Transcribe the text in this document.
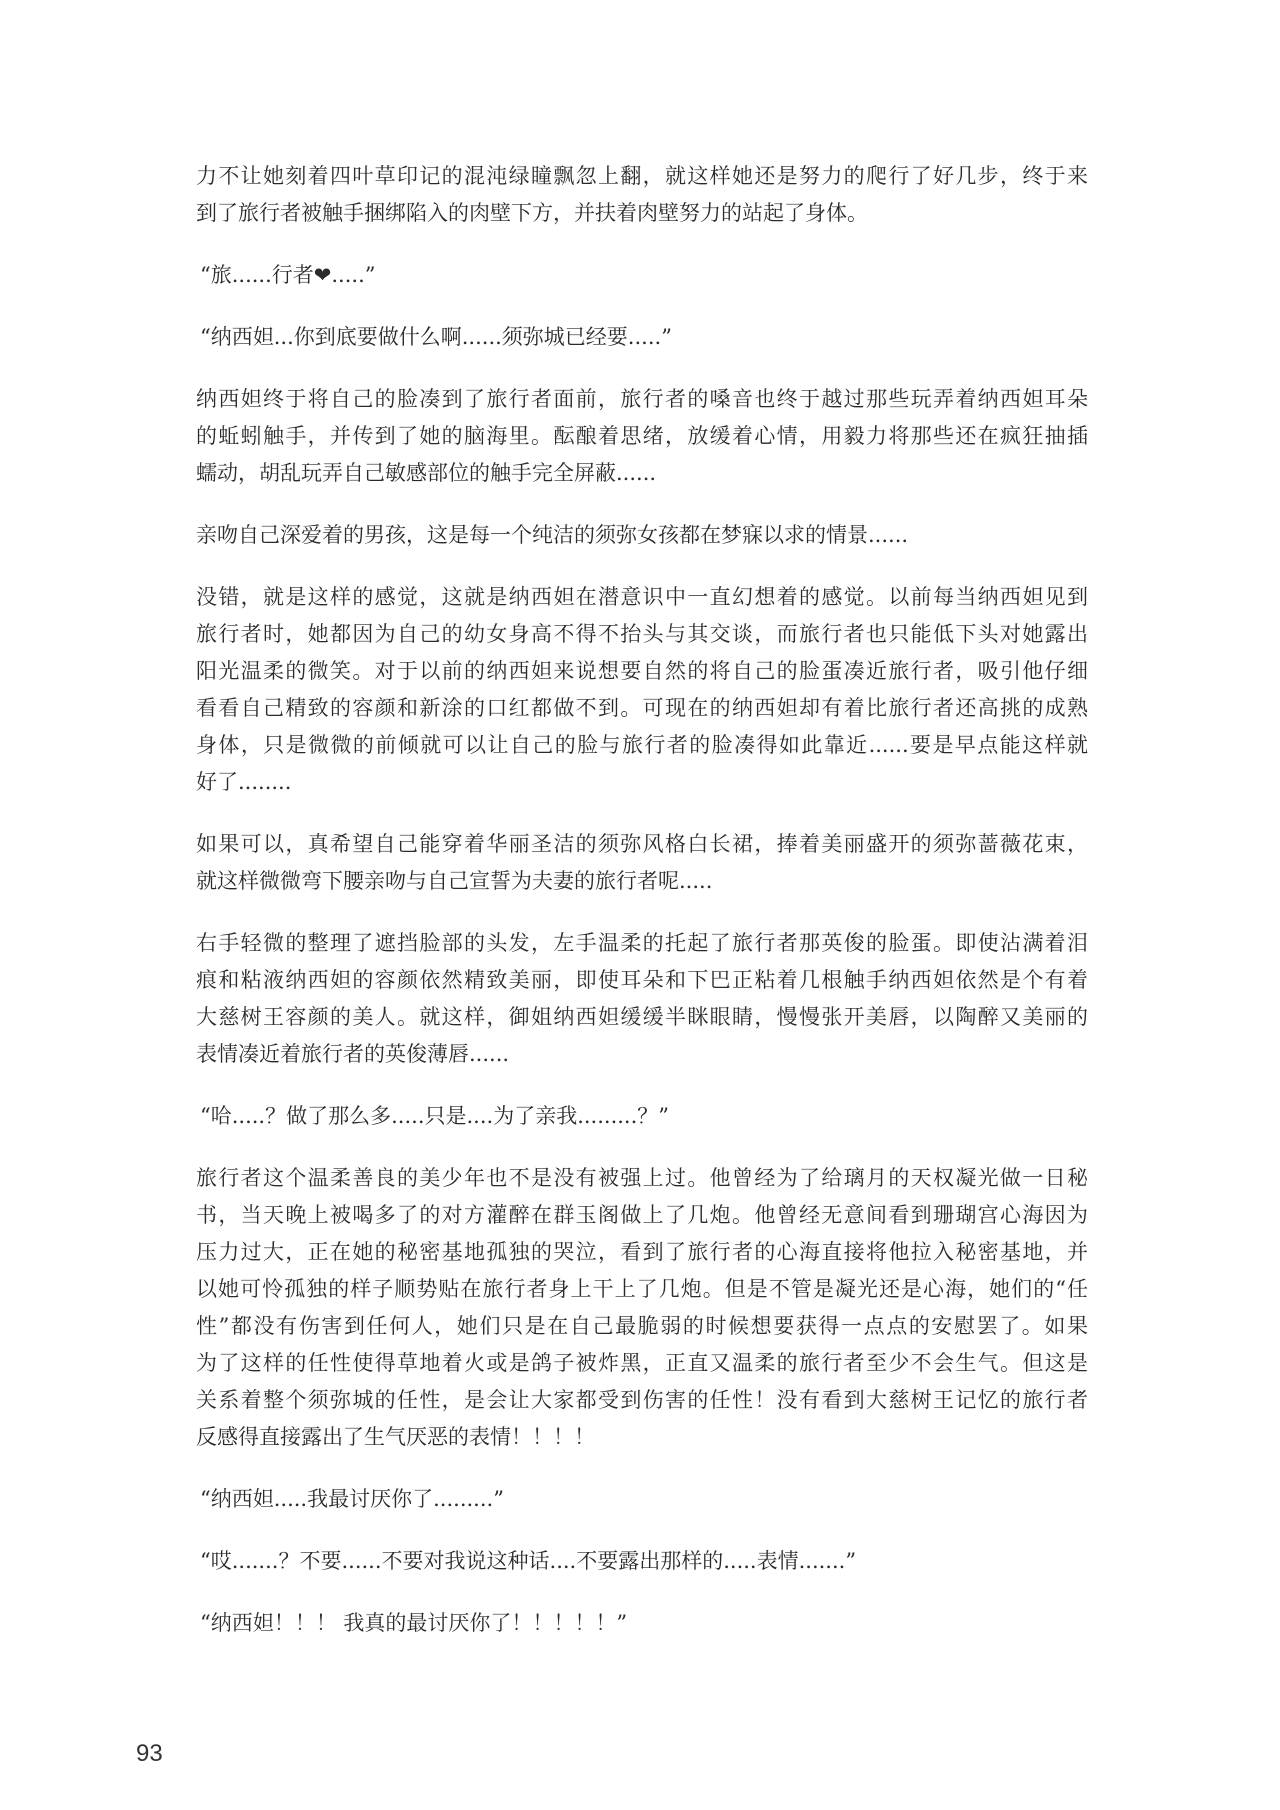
力不让她刻着四叶草印记的混沌绿瞳飘忽上翻，就这样她还是努力的爬行了好几步，终于来
到了旅行者被触手捆绑陷入的肉壁下方，并扶着肉壁努力的站起了身体。
“旅......行者❤.....”
“纳西妲...你到底要做什么啊......须弥城已经要.....”
纳西妲终于将自己的脸凑到了旅行者面前，旅行者的嗓音也终于越过那些玩弄着纳西妲耳朵
的蚯蚓触手，并传到了她的脑海里。酝酿着思绪，放缓着心情，用毅力将那些还在疯狂抽插
蠕动，胡乱玩弄自己敏感部位的触手完全屏蔽......
亲吻自己深爱着的男孩，这是每一个纯洁的须弥女孩都在梦寐以求的情景......
没错，就是这样的感觉，这就是纳西妲在潜意识中一直幻想着的感觉。以前每当纳西妲见到
旅行者时，她都因为自己的幼女身高不得不抬头与其交谈，而旅行者也只能低下头对她露出
阳光温柔的微笑。对于以前的纳西妲来说想要自然的将自己的脸蛋凑近旅行者，吸引他仔细
看看自己精致的容颜和新涂的口红都做不到。可现在的纳西妲却有着比旅行者还高挑的成熟
身体，只是微微的前倾就可以让自己的脸与旅行者的脸凑得如此靠近......要是早点能这样就
好了........
如果可以，真希望自己能穿着华丽圣洁的须弥风格白长裙，捧着美丽盛开的须弥蔷薇花束，
就这样微微弯下腰亲吻与自己宣誓为夫妻的旅行者呢.....
右手轻微的整理了遮挡脸部的头发，左手温柔的托起了旅行者那英俊的脸蛋。即使沾满着泪
痕和粘液纳西妲的容颜依然精致美丽，即使耳朵和下巴正粘着几根触手纳西妲依然是个有着
大慈树王容颜的美人。就这样，御姐纳西妲缓缓半眯眼睛，慢慢张开美唇，以陶醉又美丽的
表情凑近着旅行者的英俊薄唇......
“哈.....？做了那么多.....只是....为了亲我.........？”
旅行者这个温柔善良的美少年也不是没有被强上过。他曾经为了给璃月的天权凝光做一日秘
书，当天晚上被喝多了的对方灌醉在群玉阁做上了几炮。他曾经无意间看到珊瑚宫心海因为
压力过大，正在她的秘密基地孤独的哭泣，看到了旅行者的心海直接将他拉入秘密基地，并
以她可怜孤独的样子顺势贴在旅行者身上干上了几炮。但是不管是凝光还是心海，她们的“任
性”都没有伤害到任何人，她们只是在自己最脆弱的时候想要获得一点点的安慰罢了。如果
为了这样的任性使得草地着火或是鸽子被炸黑，正直又温柔的旅行者至少不会生气。但这是
关系着整个须弥城的任性，是会让大家都受到伤害的任性！没有看到大慈树王记忆的旅行者
反感得直接露出了生气厌恶的表情！！！！
“纳西妲.....我最讨厌你了.........”
“哎.......？不要......不要对我说这种话....不要露出那样的.....表情.......”
“纳西妲！！！ 我真的最讨厌你了！！！！！”
93
